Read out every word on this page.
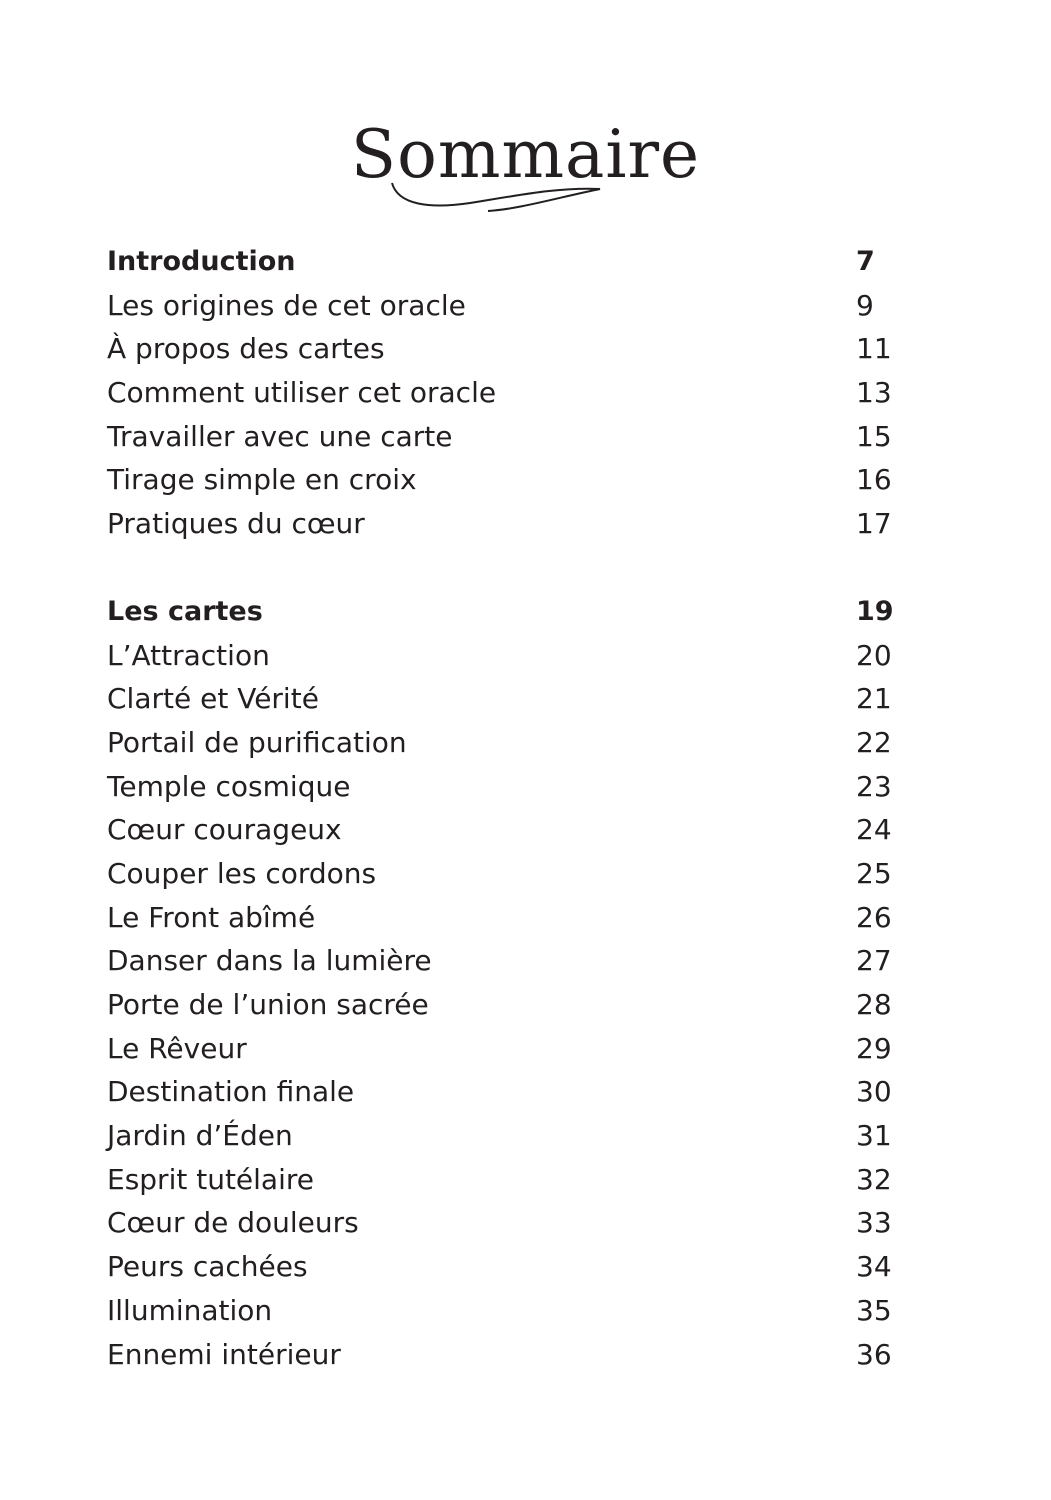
Sommaire
Introduction	7
Les origines de cet oracle	9
À propos des cartes	11
Comment utiliser cet oracle	13
Travailler avec une carte	15
Tirage simple en croix	16
Pratiques du cœur	17
Les cartes	19
L’Attraction	20
Clarté et Vérité	21
Portail de purification	22
Temple cosmique	23
Cœur courageux	24
Couper les cordons	25
Le Front abîmé	26
Danser dans la lumière	27
Porte de l’union sacrée	28
Le Rêveur	29
Destination finale	30
Jardin d’Éden	31
Esprit tutélaire	32
Cœur de douleurs	33
Peurs cachées	34
Illumination	35
Ennemi intérieur	36
